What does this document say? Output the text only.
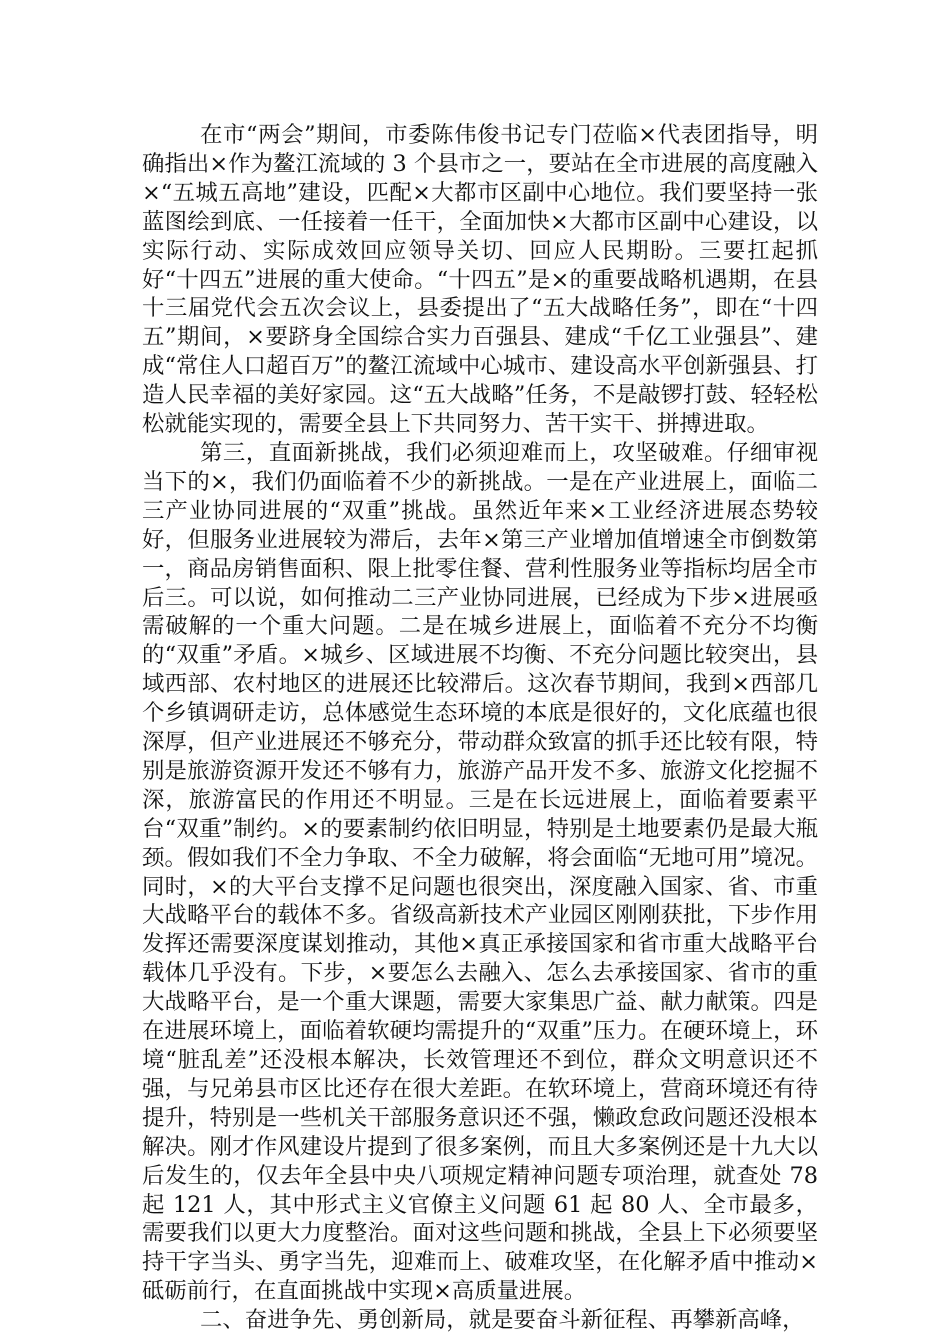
在市“两会”期间，市委陈伟俊书记专门莅临×代表团指导，明确指出×作为鳌江流域的 3 个县市之一，要站在全市进展的高度融入×“五城五高地”建设，匹配×大都市区副中心地位。我们要坚持一张蓝图绘到底、一任接着一任干，全面加快×大都市区副中心建设，以实际行动、实际成效回应领导关切、回应人民期盼。三要扛起抓好“十四五”进展的重大使命。“十四五”是×的重要战略机遇期，在县十三届党代会五次会议上，县委提出了“五大战略任务”，即在“十四五”期间，×要跻身全国综合实力百强县、建成“千亿工业强县”、建成“常住人口超百万”的鳌江流域中心城市、建设高水平创新强县、打造人民幸福的美好家园。这“五大战略”任务，不是敲锣打鼓、轻轻松松就能实现的，需要全县上下共同努力、苦干实干、拼搏进取。

第三，直面新挑战，我们必须迎难而上，攻坚破难。仔细审视当下的×，我们仍面临着不少的新挑战。一是在产业进展上，面临二三产业协同进展的“双重”挑战。虽然近年来×工业经济进展态势较好，但服务业进展较为滞后，去年×第三产业增加值增速全市倒数第一，商品房销售面积、限上批零住餐、营利性服务业等指标均居全市后三。可以说，如何推动二三产业协同进展，已经成为下步×进展亟需破解的一个重大问题。二是在城乡进展上，面临着不充分不均衡的“双重”矛盾。×城乡、区域进展不均衡、不充分问题比较突出，县域西部、农村地区的进展还比较滞后。这次春节期间，我到×西部几个乡镇调研走访，总体感觉生态环境的本底是很好的，文化底蕴也很深厚，但产业进展还不够充分，带动群众致富的抓手还比较有限，特别是旅游资源开发还不够有力，旅游产品开发不多、旅游文化挖掘不深，旅游富民的作用还不明显。三是在长远进展上，面临着要素平台“双重”制约。×的要素制约依旧明显，特别是土地要素仍是最大瓶颈。假如我们不全力争取、不全力破解，将会面临“无地可用”境况。同时，×的大平台支撑不足问题也很突出，深度融入国家、省、市重大战略平台的载体不多。省级高新技术产业园区刚刚获批，下步作用发挥还需要深度谋划推动，其他×真正承接国家和省市重大战略平台载体几乎没有。下步，×要怎么去融入、怎么去承接国家、省市的重大战略平台，是一个重大课题，需要大家集思广益、献力献策。四是在进展环境上，面临着软硬均需提升的“双重”压力。在硬环境上，环境“脏乱差”还没根本解决，长效管理还不到位，群众文明意识还不强，与兄弟县市区比还存在很大差距。在软环境上，营商环境还有待提升，特别是一些机关干部服务意识还不强，懒政怠政问题还没根本解决。刚才作风建设片提到了很多案例，而且大多案例还是十九大以后发生的，仅去年全县中央八项规定精神问题专项治理，就查处 78 起 121 人，其中形式主义官僚主义问题 61 起 80 人、全市最多，需要我们以更大力度整治。面对这些问题和挑战，全县上下必须要坚持干字当头、勇字当先，迎难而上、破难攻坚，在化解矛盾中推动×砥砺前行，在直面挑战中实现×高质量进展。

二、奋进争先、勇创新局，就是要奋斗新征程、再攀新高峰，
